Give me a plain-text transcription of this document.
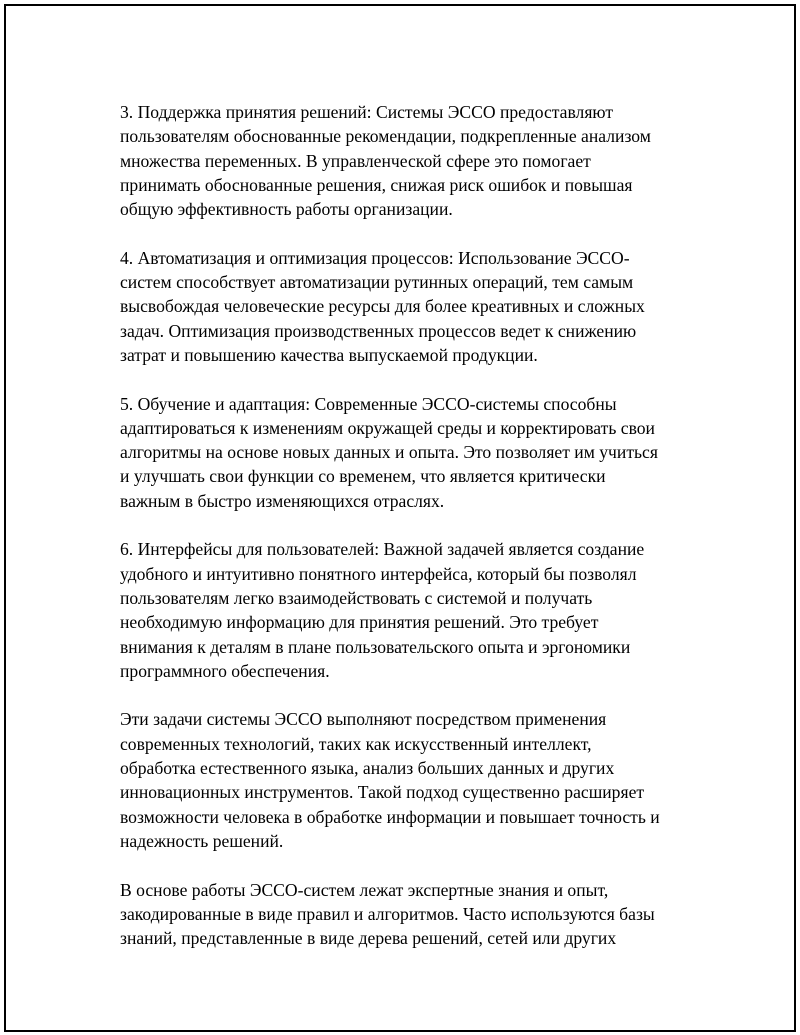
3. Поддержка принятия решений: Системы ЭССО предоставляют
пользователям обоснованные рекомендации, подкрепленные анализом
множества переменных. В управленческой сфере это помогает
принимать обоснованные решения, снижая риск ошибок и повышая
общую эффективность работы организации.

4. Автоматизация и оптимизация процессов: Использование ЭССО-
систем способствует автоматизации рутинных операций, тем самым
высвобождая человеческие ресурсы для более креативных и сложных
задач. Оптимизация производственных процессов ведет к снижению
затрат и повышению качества выпускаемой продукции.

5. Обучение и адаптация: Современные ЭССО-системы способны
адаптироваться к изменениям окружащей среды и корректировать свои
алгоритмы на основе новых данных и опыта. Это позволяет им учиться
и улучшать свои функции со временем, что является критически
важным в быстро изменяющихся отраслях.

6. Интерфейсы для пользователей: Важной задачей является создание
удобного и интуитивно понятного интерфейса, который бы позволял
пользователям легко взаимодействовать с системой и получать
необходимую информацию для принятия решений. Это требует
внимания к деталям в плане пользовательского опыта и эргономики
программного обеспечения.

Эти задачи системы ЭССО выполняют посредством применения
современных технологий, таких как искусственный интеллект,
обработка естественного языка, анализ больших данных и других
инновационных инструментов. Такой подход существенно расширяет
возможности человека в обработке информации и повышает точность и
надежность решений.

В основе работы ЭССО-систем лежат экспертные знания и опыт,
закодированные в виде правил и алгоритмов. Часто используются базы
знаний, представленные в виде дерева решений, сетей или других
